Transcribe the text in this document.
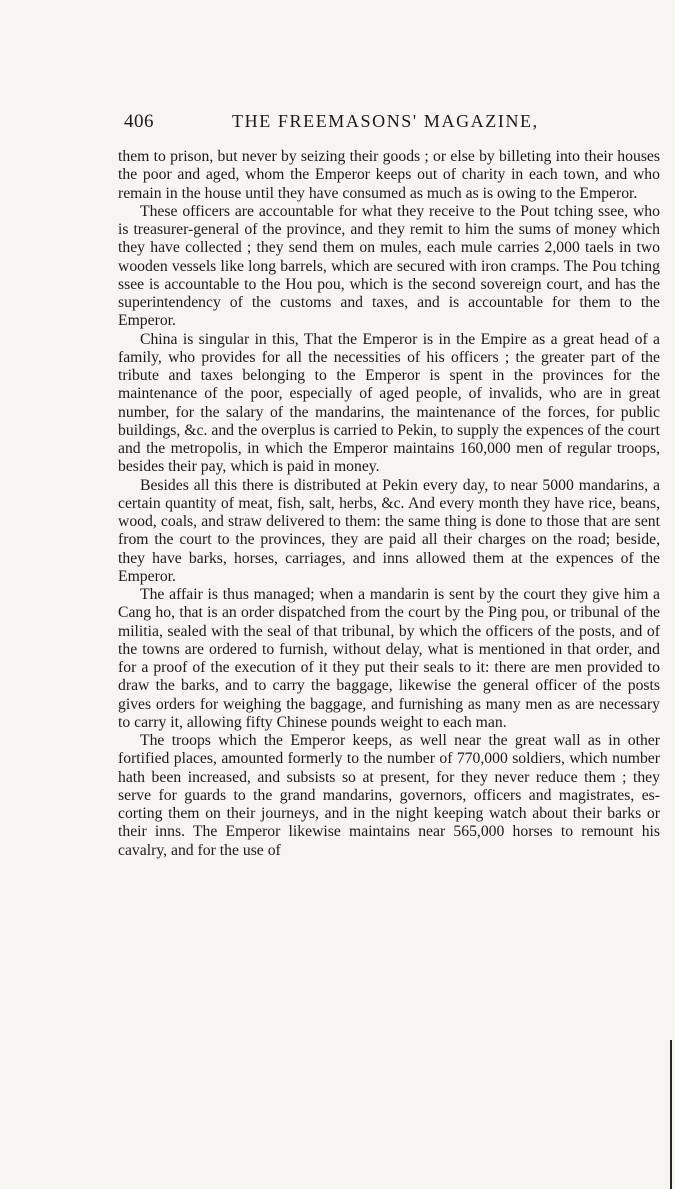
406	THE FREEMASONS' MAGAZINE,

them to prison, but never by seizing their goods ; or else by billeting into their houses the poor and aged, whom the Emperor keeps out of charity in each town, and who remain in the house until they have consumed as much as is owing to the Emperor.

These officers are accountable for what they receive to the Pout tching ssee, who is treasurer-general of the province, and they remit to him the sums of money which they have collected ; they send them on mules, each mule carries 2,000 taels in two wooden vessels like long barrels, which are secured with iron cramps. The Pou tching ssee is accountable to the Hou pou, which is the second sovereign court, and has the superintendency of the customs and taxes, and is accountable for them to the Emperor.

China is singular in this, That the Emperor is in the Empire as a great head of a family, who provides for all the necessities of his officers ; the greater part of the tribute and taxes belonging to the Emperor is spent in the provinces for the maintenance of the poor, especially of aged people, of invalids, who are in great number, for the salary of the mandarins, the maintenance of the forces, for public buildings, &c. and the overplus is carried to Pekin, to supply the expences of the court and the metropolis, in which the Emperor maintains 160,000 men of regular troops, besides their pay, which is paid in money.

Besides all this there is distributed at Pekin every day, to near 5000 mandarins, a certain quantity of meat, fish, salt, herbs, &c. And every month they have rice, beans, wood, coals, and straw delivered to them: the same thing is done to those that are sent from the court to the provinces, they are paid all their charges on the road; beside, they have barks, horses, carriages, and inns allowed them at the expences of the Emperor.

The affair is thus managed; when a mandarin is sent by the court they give him a Cang ho, that is an order dispatched from the court by the Ping pou, or tribunal of the militia, sealed with the seal of that tribunal, by which the officers of the posts, and of the towns are ordered to furnish, without delay, what is mentioned in that order, and for a proof of the execution of it they put their seals to it: there are men provided to draw the barks, and to carry the baggage, likewise the general officer of the posts gives orders for weighing the baggage, and furnishing as many men as are necessary to carry it, allowing fifty Chinese pounds weight to each man.

The troops which the Emperor keeps, as well near the great wall as in other fortified places, amounted formerly to the number of 770,000 soldiers, which number hath been increased, and subsists so at present, for they never reduce them ; they serve for guards to the grand mandarins, governors, officers and magistrates, escorting them on their journeys, and in the night keeping watch about their barks or their inns. The Emperor likewise maintains near 565,000 horses to remount his cavalry, and for the use of
